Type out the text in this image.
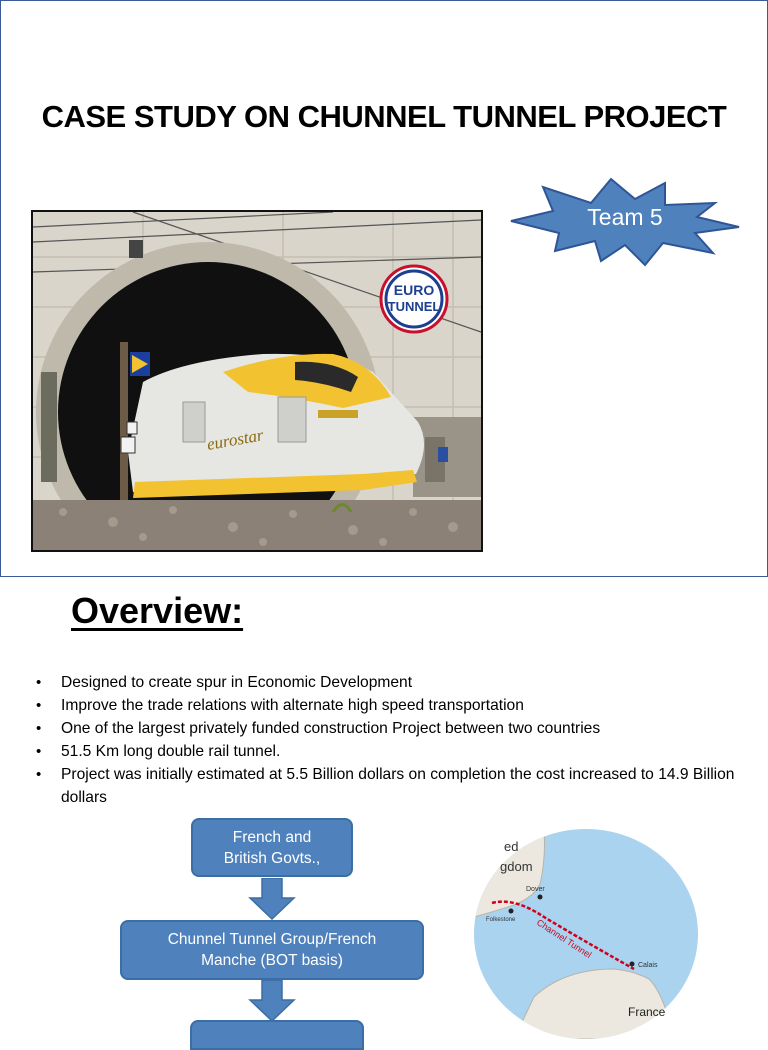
CASE STUDY ON CHUNNEL TUNNEL PROJECT
EURO
TUNNEL
eurostar
Team 5
Overview:
• Designed to create spur in Economic Development
• Improve the trade relations with alternate high speed transportation
• One of the largest privately funded construction Project between two countries
• 51.5 Km long double rail tunnel.
• Project was initially estimated at 5.5 Billion dollars on completion the cost increased to 14.9 Billion dollars
French and
British Govts.,
Chunnel Tunnel Group/French
Manche (BOT basis)
ed
gdom
Dover
Folkestone Channel Tunnel
Calais
France
